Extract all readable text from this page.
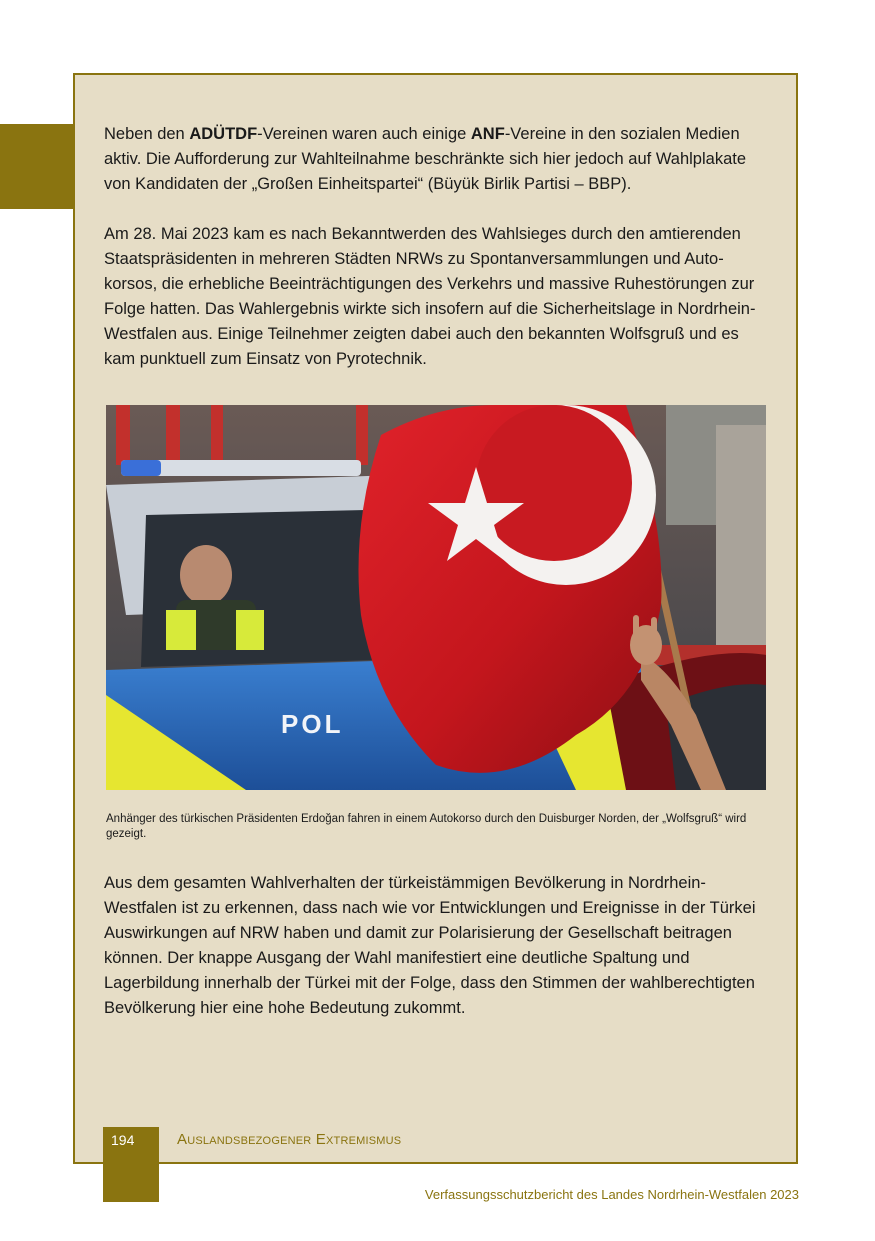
Neben den ADÜTDF-Vereinen waren auch einige ANF-Vereine in den sozialen Medien aktiv. Die Aufforderung zur Wahlteilnahme beschränkte sich hier jedoch auf Wahlplakate von Kandidaten der „Großen Einheitspartei“ (Büyük Birlik Partisi – BBP).

Am 28. Mai 2023 kam es nach Bekanntwerden des Wahlsieges durch den amtierenden Staatspräsidenten in mehreren Städten NRWs zu Spontanversammlungen und Autokorsos, die erhebliche Beeinträchtigungen des Verkehrs und massive Ruhestörungen zur Folge hatten. Das Wahlergebnis wirkte sich insofern auf die Sicherheitslage in Nordrhein-Westfalen aus. Einige Teilnehmer zeigten dabei auch den bekannten Wolfsgruß und es kam punktuell zum Einsatz von Pyrotechnik.

POL

Anhänger des türkischen Präsidenten Erdoğan fahren in einem Autokorso durch den Duisburger Norden, der „Wolfsgruß“ wird gezeigt.

Aus dem gesamten Wahlverhalten der türkeistämmigen Bevölkerung in Nordrhein-Westfalen ist zu erkennen, dass nach wie vor Entwicklungen und Ereignisse in der Türkei Auswirkungen auf NRW haben und damit zur Polarisierung der Gesellschaft beitragen können. Der knappe Ausgang der Wahl manifestiert eine deutliche Spaltung und Lagerbildung innerhalb der Türkei mit der Folge, dass den Stimmen der wahlberechtigten Bevölkerung hier eine hohe Bedeutung zukommt.

194	Auslandsbezogener Extremismus
Verfassungsschutzbericht des Landes Nordrhein-Westfalen 2023
